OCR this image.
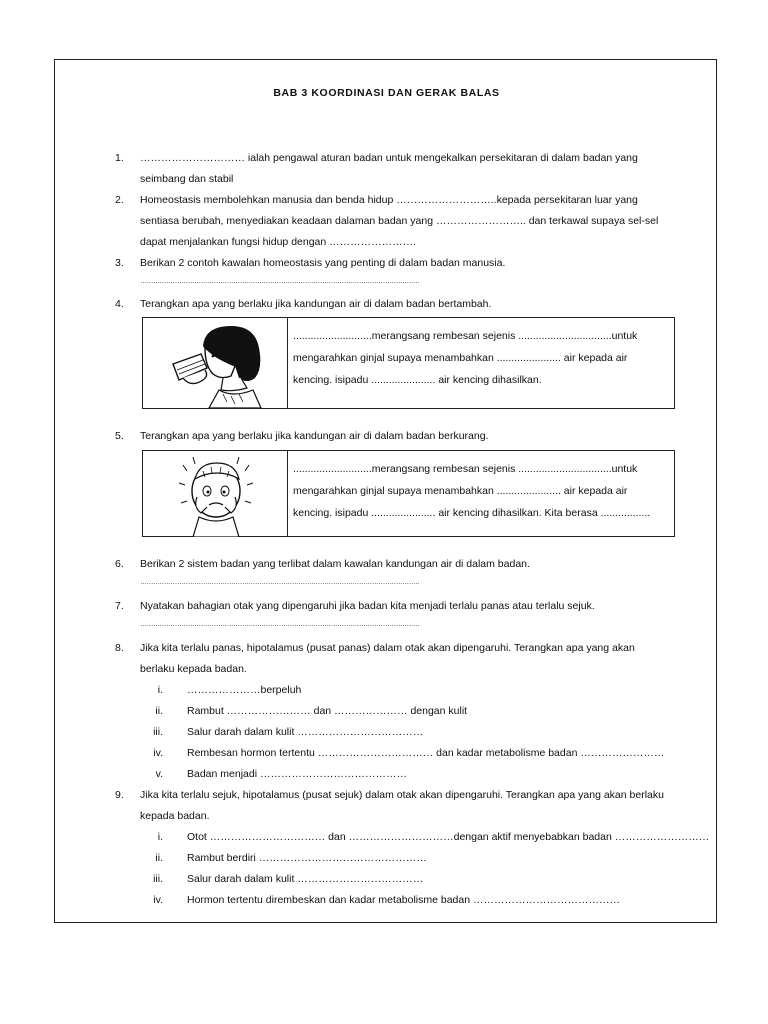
BAB 3 KOORDINASI DAN GERAK BALAS
1. ………………………… ialah pengawal aturan badan untuk mengekalkan persekitaran di dalam badan yang
seimbang dan stabil
2. Homeostasis membolehkan manusia dan benda hidup ………………………..kepada persekitaran luar yang
sentiasa berubah, menyediakan keadaan dalaman badan yang …………………….. dan terkawal supaya sel-sel
dapat menjalankan fungsi hidup dengan …………………….
3. Berikan 2 contoh kawalan homeostasis yang penting di dalam badan manusia.
…………………………………………………………………………………………………………………
4. Terangkan apa yang berlaku jika kandungan air di dalam badan bertambah.
...........................merangsang rembesan sejenis ................................untuk
mengarahkan ginjal supaya menambahkan ...................... air kepada air
kencing. isipadu ...................... air kencing dihasilkan.
5. Terangkan apa yang berlaku jika kandungan air di dalam badan berkurang.
...........................merangsang rembesan sejenis ................................untuk
mengarahkan ginjal supaya menambahkan ...................... air kepada air
kencing. isipadu ...................... air kencing dihasilkan. Kita berasa .................
6. Berikan 2 sistem badan yang terlibat dalam kawalan kandungan air di dalam badan.
…………………………………………………………………………………………………………………
7. Nyatakan bahagian otak yang dipengaruhi jika badan kita menjadi terlalu panas atau terlalu sejuk.
…………………………………………………………………………………………………………………
8. Jika kita terlalu panas, hipotalamus (pusat panas) dalam otak akan dipengaruhi. Terangkan apa yang akan
berlaku kepada badan.
i. …………………berpeluh
ii. Rambut …………………… dan ………………… dengan kulit
iii. Salur darah dalam kulit ………………………………
iv. Rembesan hormon tertentu …………………………… dan kadar metabolisme badan ……………………
v. Badan menjadi ……………………………………
9. Jika kita terlalu sejuk, hipotalamus (pusat sejuk) dalam otak akan dipengaruhi. Terangkan apa yang akan berlaku
kepada badan.
i. Otot …………………………… dan …………………………dengan aktif menyebabkan badan ………………………
ii. Rambut berdiri …………………………………………
iii. Salur darah dalam kulit ………………………………
iv. Hormon tertentu dirembeskan dan kadar metabolisme badan ……………………………………
